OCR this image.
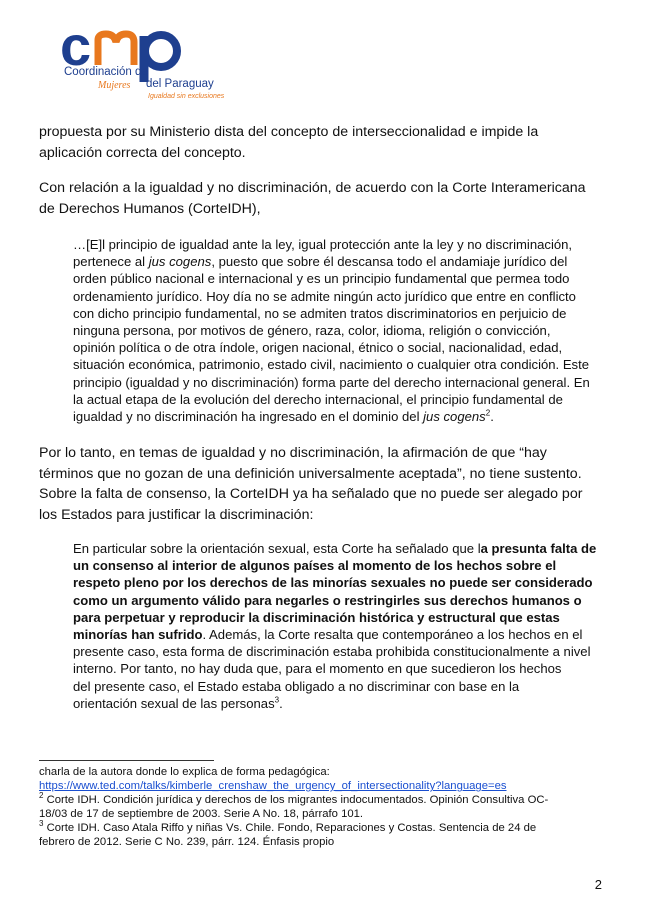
c
Coordinación de
Mujeres del Paraguay
Igualdad sin exclusiones
propuesta por su Ministerio dista del concepto de interseccionalidad e impide la
aplicación correcta del concepto.
Con relación a la igualdad y no discriminación, de acuerdo con la Corte Interamericana
de Derechos Humanos (CorteIDH),
…[E]l principio de igualdad ante la ley, igual protección ante la ley y no discriminación,
pertenece al jus cogens, puesto que sobre él descansa todo el andamiaje jurídico del
orden público nacional e internacional y es un principio fundamental que permea todo
ordenamiento jurídico. Hoy día no se admite ningún acto jurídico que entre en conflicto
con dicho principio fundamental, no se admiten tratos discriminatorios en perjuicio de
ninguna persona, por motivos de género, raza, color, idioma, religión o convicción,
opinión política o de otra índole, origen nacional, étnico o social, nacionalidad, edad,
situación económica, patrimonio, estado civil, nacimiento o cualquier otra condición. Este
principio (igualdad y no discriminación) forma parte del derecho internacional general. En
la actual etapa de la evolución del derecho internacional, el principio fundamental de
igualdad y no discriminación ha ingresado en el dominio del jus cogens$^2$.
Por lo tanto, en temas de igualdad y no discriminación, la afirmación de que “hay
términos que no gozan de una definición universalmente aceptada”, no tiene sustento.
Sobre la falta de consenso, la CorteIDH ya ha señalado que no puede ser alegado por
los Estados para justificar la discriminación:
En particular sobre la orientación sexual, esta Corte ha señalado que la presunta falta de
un consenso al interior de algunos países al momento de los hechos sobre el
respeto pleno por los derechos de las minorías sexuales no puede ser considerado
como un argumento válido para negarles o restringirles sus derechos humanos o
para perpetuar y reproducir la discriminación histórica y estructural que estas
minorías han sufrido. Además, la Corte resalta que contemporáneo a los hechos en el
presente caso, esta forma de discriminación estaba prohibida constitucionalmente a nivel
interno. Por tanto, no hay duda que, para el momento en que sucedieron los hechos
del presente caso, el Estado estaba obligado a no discriminar con base en la
orientación sexual de las personas$^3$.
charla de la autora donde lo explica de forma pedagógica:
https://www.ted.com/talks/kimberle_crenshaw_the_urgency_of_intersectionality?language=es
$^2$ Corte IDH. Condición jurídica y derechos de los migrantes indocumentados. Opinión Consultiva OC-
18/03 de 17 de septiembre de 2003. Serie A No. 18, párrafo 101.
$^3$ Corte IDH. Caso Atala Riffo y niñas Vs. Chile. Fondo, Reparaciones y Costas. Sentencia de 24 de
febrero de 2012. Serie C No. 239, párr. 124. Énfasis propio
2
